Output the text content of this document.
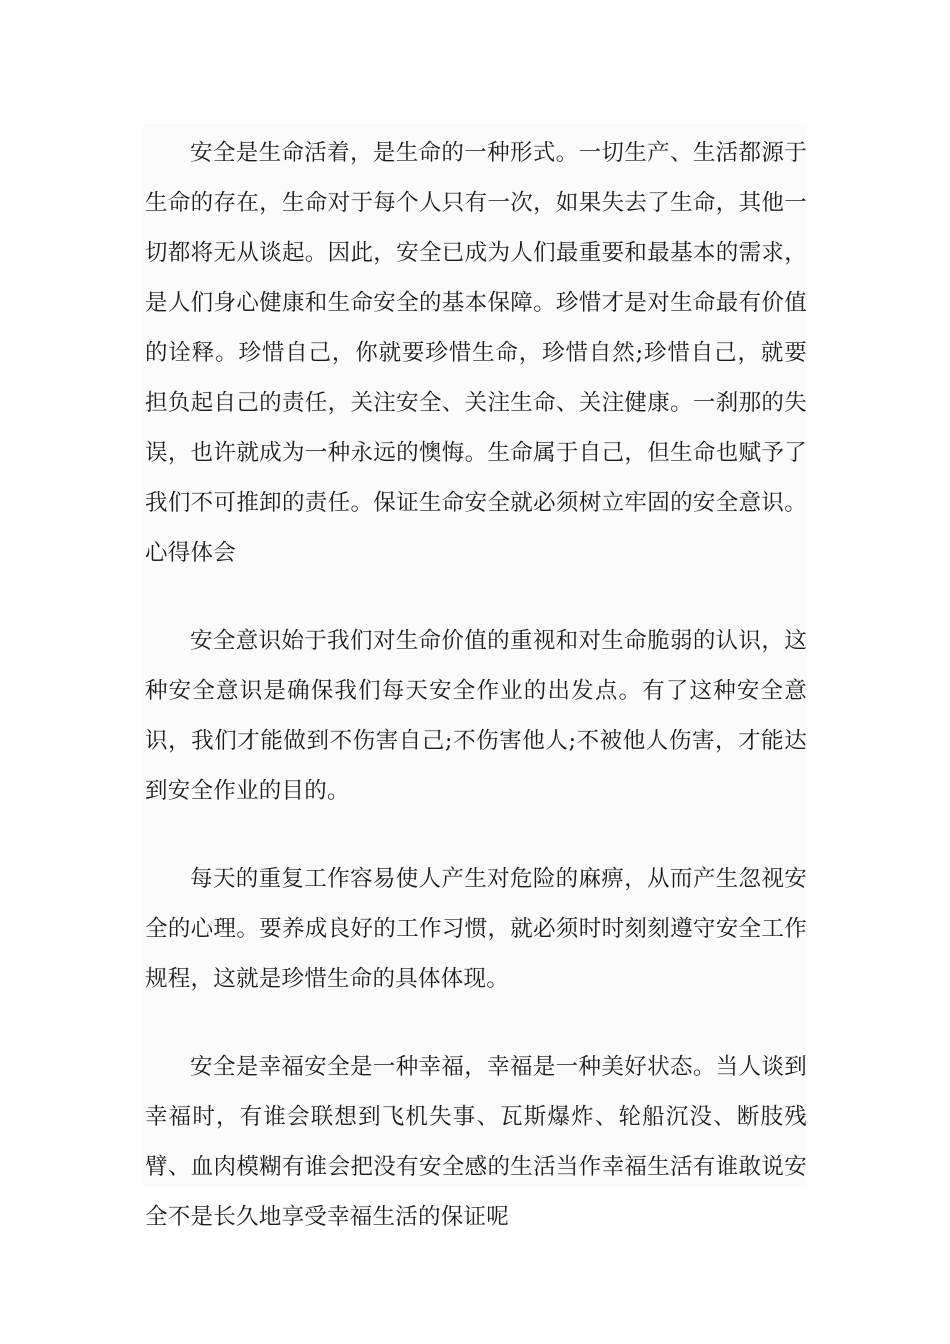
安全是生命活着，是生命的一种形式。一切生产、生活都源于生命的存在，生命对于每个人只有一次，如果失去了生命，其他一切都将无从谈起。因此，安全已成为人们最重要和最基本的需求，是人们身心健康和生命安全的基本保障。珍惜才是对生命最有价值的诠释。珍惜自己，你就要珍惜生命，珍惜自然;珍惜自己，就要担负起自己的责任，关注安全、关注生命、关注健康。一刹那的失误，也许就成为一种永远的懊悔。生命属于自己，但生命也赋予了我们不可推卸的责任。保证生命安全就必须树立牢固的安全意识。心得体会

安全意识始于我们对生命价值的重视和对生命脆弱的认识，这种安全意识是确保我们每天安全作业的出发点。有了这种安全意识，我们才能做到不伤害自己;不伤害他人;不被他人伤害，才能达到安全作业的目的。

每天的重复工作容易使人产生对危险的麻痹，从而产生忽视安全的心理。要养成良好的工作习惯，就必须时时刻刻遵守安全工作规程，这就是珍惜生命的具体体现。

安全是幸福安全是一种幸福，幸福是一种美好状态。当人谈到幸福时，有谁会联想到飞机失事、瓦斯爆炸、轮船沉没、断肢残臂、血肉模糊有谁会把没有安全感的生活当作幸福生活有谁敢说安全不是长久地享受幸福生活的保证呢
